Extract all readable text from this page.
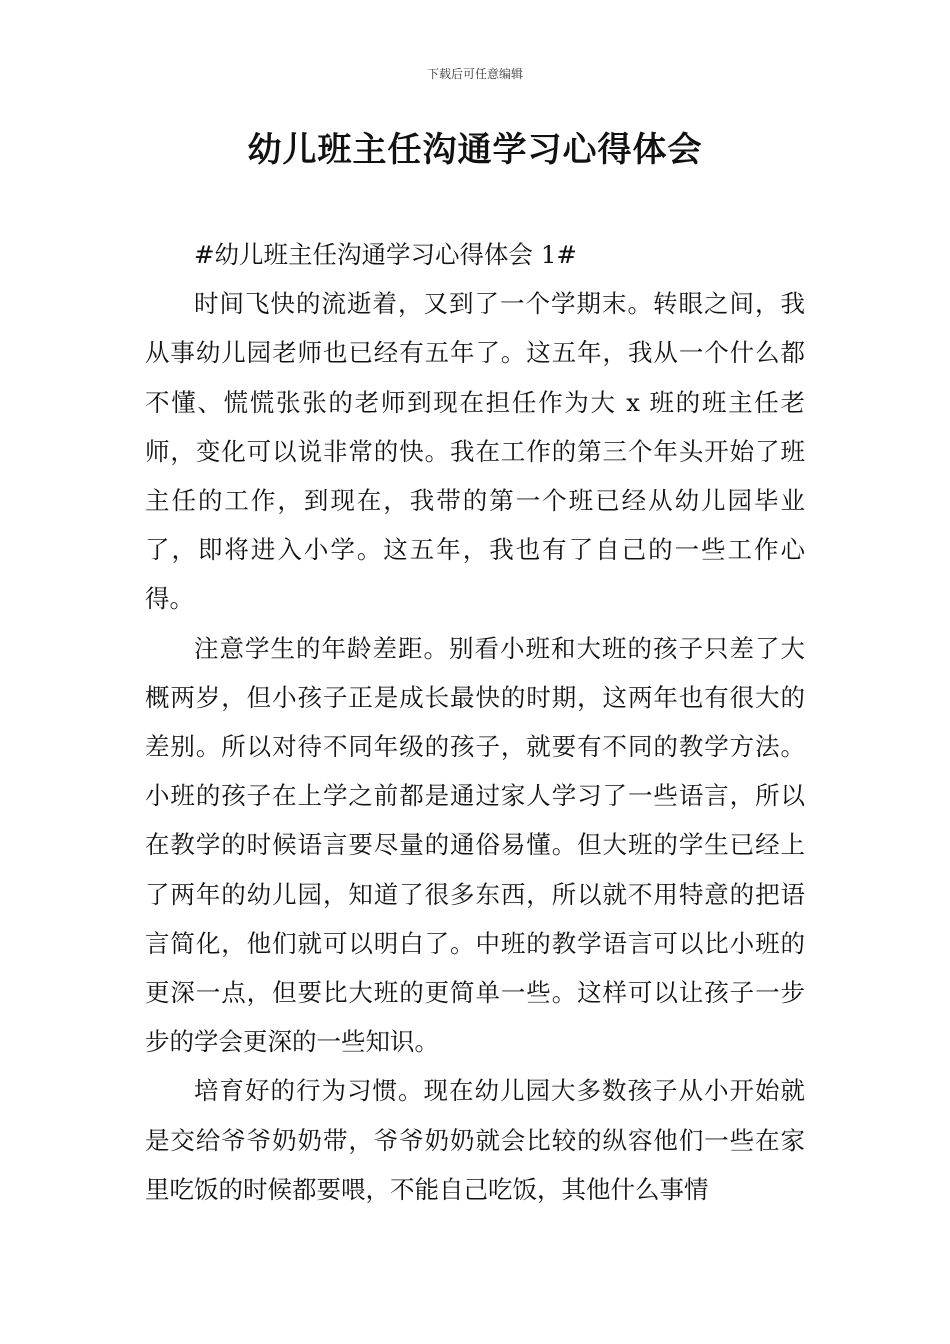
下载后可任意编辑
幼儿班主任沟通学习心得体会

#幼儿班主任沟通学习心得体会 1#

时间飞快的流逝着，又到了一个学期末。转眼之间，我从事幼儿园老师也已经有五年了。这五年，我从一个什么都不懂、慌慌张张的老师到现在担任作为大 x 班的班主任老师，变化可以说非常的快。我在工作的第三个年头开始了班主任的工作，到现在，我带的第一个班已经从幼儿园毕业了，即将进入小学。这五年，我也有了自己的一些工作心得。

注意学生的年龄差距。别看小班和大班的孩子只差了大概两岁，但小孩子正是成长最快的时期，这两年也有很大的差别。所以对待不同年级的孩子，就要有不同的教学方法。小班的孩子在上学之前都是通过家人学习了一些语言，所以在教学的时候语言要尽量的通俗易懂。但大班的学生已经上了两年的幼儿园，知道了很多东西，所以就不用特意的把语言简化，他们就可以明白了。中班的教学语言可以比小班的更深一点，但要比大班的更简单一些。这样可以让孩子一步步的学会更深的一些知识。

培育好的行为习惯。现在幼儿园大多数孩子从小开始就是交给爷爷奶奶带，爷爷奶奶就会比较的纵容他们一些在家里吃饭的时候都要喂，不能自己吃饭，其他什么事情
